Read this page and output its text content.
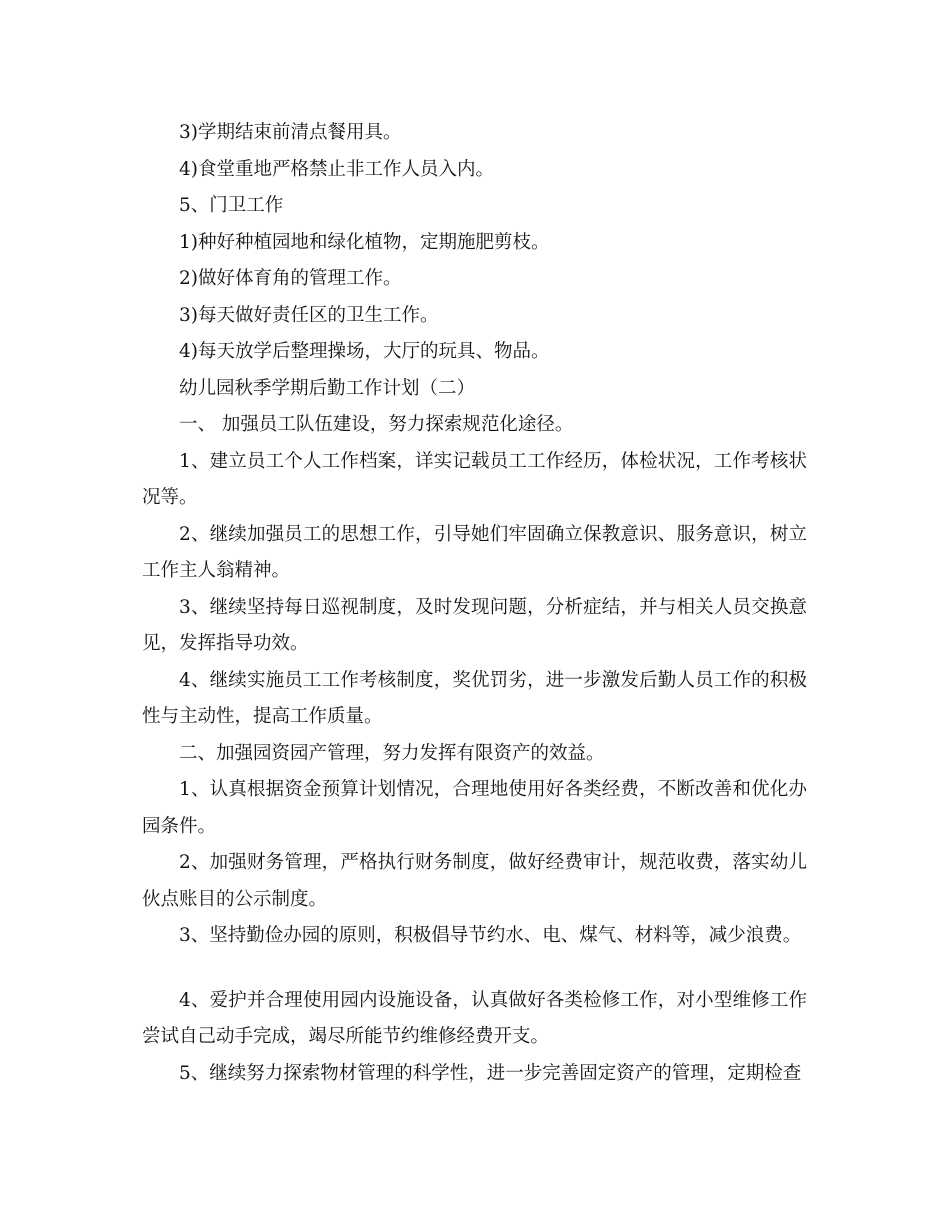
3)学期结束前清点餐用具。

4)食堂重地严格禁止非工作人员入内。

5、门卫工作

1)种好种植园地和绿化植物，定期施肥剪枝。

2)做好体育角的管理工作。

3)每天做好责任区的卫生工作。

4)每天放学后整理操场，大厅的玩具、物品。

幼儿园秋季学期后勤工作计划（二）

一、 加强员工队伍建设，努力探索规范化途径。

1、建立员工个人工作档案，详实记载员工工作经历，体检状况，工作考核状况等。

2、继续加强员工的思想工作，引导她们牢固确立保教意识、服务意识，树立工作主人翁精神。

3、继续坚持每日巡视制度，及时发现问题，分析症结，并与相关人员交换意见，发挥指导功效。

4、继续实施员工工作考核制度，奖优罚劣，进一步激发后勤人员工作的积极性与主动性，提高工作质量。

二、加强园资园产管理，努力发挥有限资产的效益。

1、认真根据资金预算计划情况，合理地使用好各类经费，不断改善和优化办园条件。

2、加强财务管理，严格执行财务制度，做好经费审计，规范收费，落实幼儿伙点账目的公示制度。

3、坚持勤俭办园的原则，积极倡导节约水、电、煤气、材料等，减少浪费。

4、爱护并合理使用园内设施设备，认真做好各类检修工作，对小型维修工作尝试自己动手完成，竭尽所能节约维修经费开支。

5、继续努力探索物材管理的科学性，进一步完善固定资产的管理，定期检查
